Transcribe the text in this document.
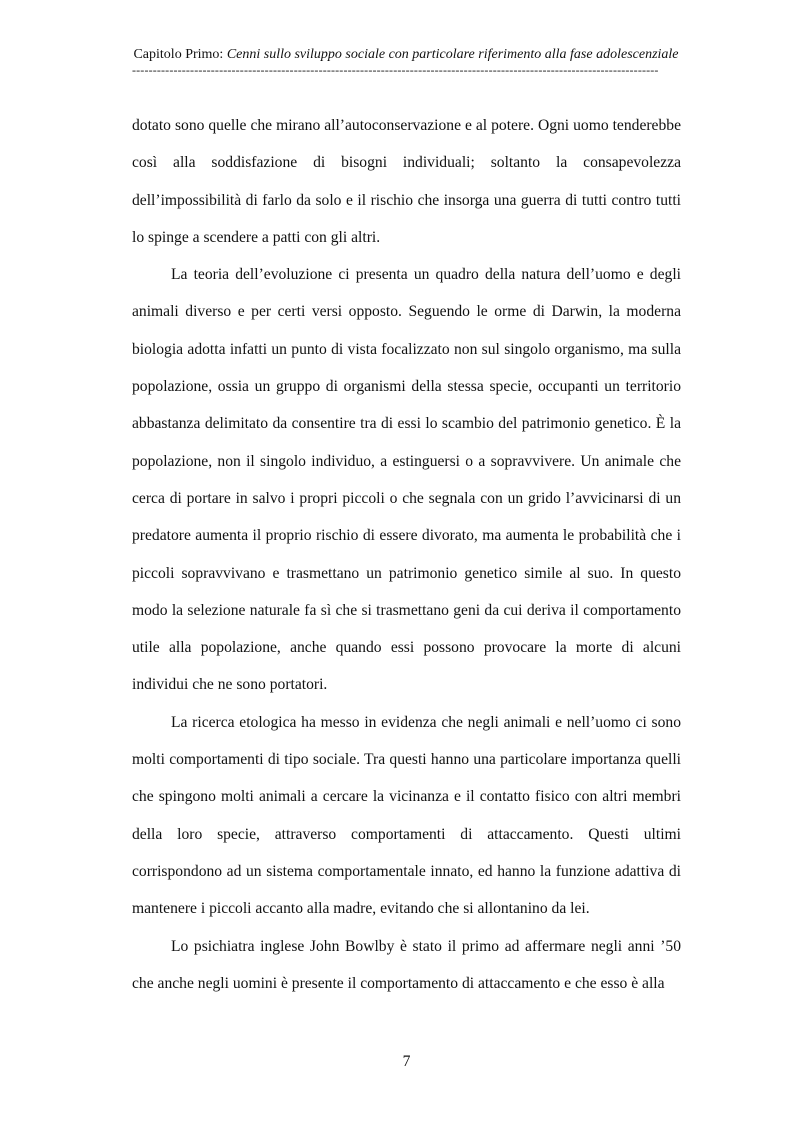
Capitolo Primo: Cenni sullo sviluppo sociale con particolare riferimento alla fase adolescenziale
-------------------------------------------------------------------------------------------------------------------------------

dotato sono quelle che mirano all’autoconservazione e al potere. Ogni uomo tenderebbe così alla soddisfazione di bisogni individuali; soltanto la consapevolezza dell’impossibilità di farlo da solo e il rischio che insorga una guerra di tutti contro tutti lo spinge a scendere a patti con gli altri.

La teoria dell’evoluzione ci presenta un quadro della natura dell’uomo e degli animali diverso e per certi versi opposto. Seguendo le orme di Darwin, la moderna biologia adotta infatti un punto di vista focalizzato non sul singolo organismo, ma sulla popolazione, ossia un gruppo di organismi della stessa specie, occupanti un territorio abbastanza delimitato da consentire tra di essi lo scambio del patrimonio genetico. È la popolazione, non il singolo individuo, a estinguersi o a sopravvivere. Un animale che cerca di portare in salvo i propri piccoli o che segnala con un grido l’avvicinarsi di un predatore aumenta il proprio rischio di essere divorato, ma aumenta le probabilità che i piccoli sopravvivano e trasmettano un patrimonio genetico simile al suo. In questo modo la selezione naturale fa sì che si trasmettano geni da cui deriva il comportamento utile alla popolazione, anche quando essi possono provocare la morte di alcuni individui che ne sono portatori.

La ricerca etologica ha messo in evidenza che negli animali e nell’uomo ci sono molti comportamenti di tipo sociale. Tra questi hanno una particolare importanza quelli che spingono molti animali a cercare la vicinanza e il contatto fisico con altri membri della loro specie, attraverso comportamenti di attaccamento. Questi ultimi corrispondono ad un sistema comportamentale innato, ed hanno la funzione adattiva di mantenere i piccoli accanto alla madre, evitando che si allontanino da lei.

Lo psichiatra inglese John Bowlby è stato il primo ad affermare negli anni ’50 che anche negli uomini è presente il comportamento di attaccamento e che esso è alla

7
